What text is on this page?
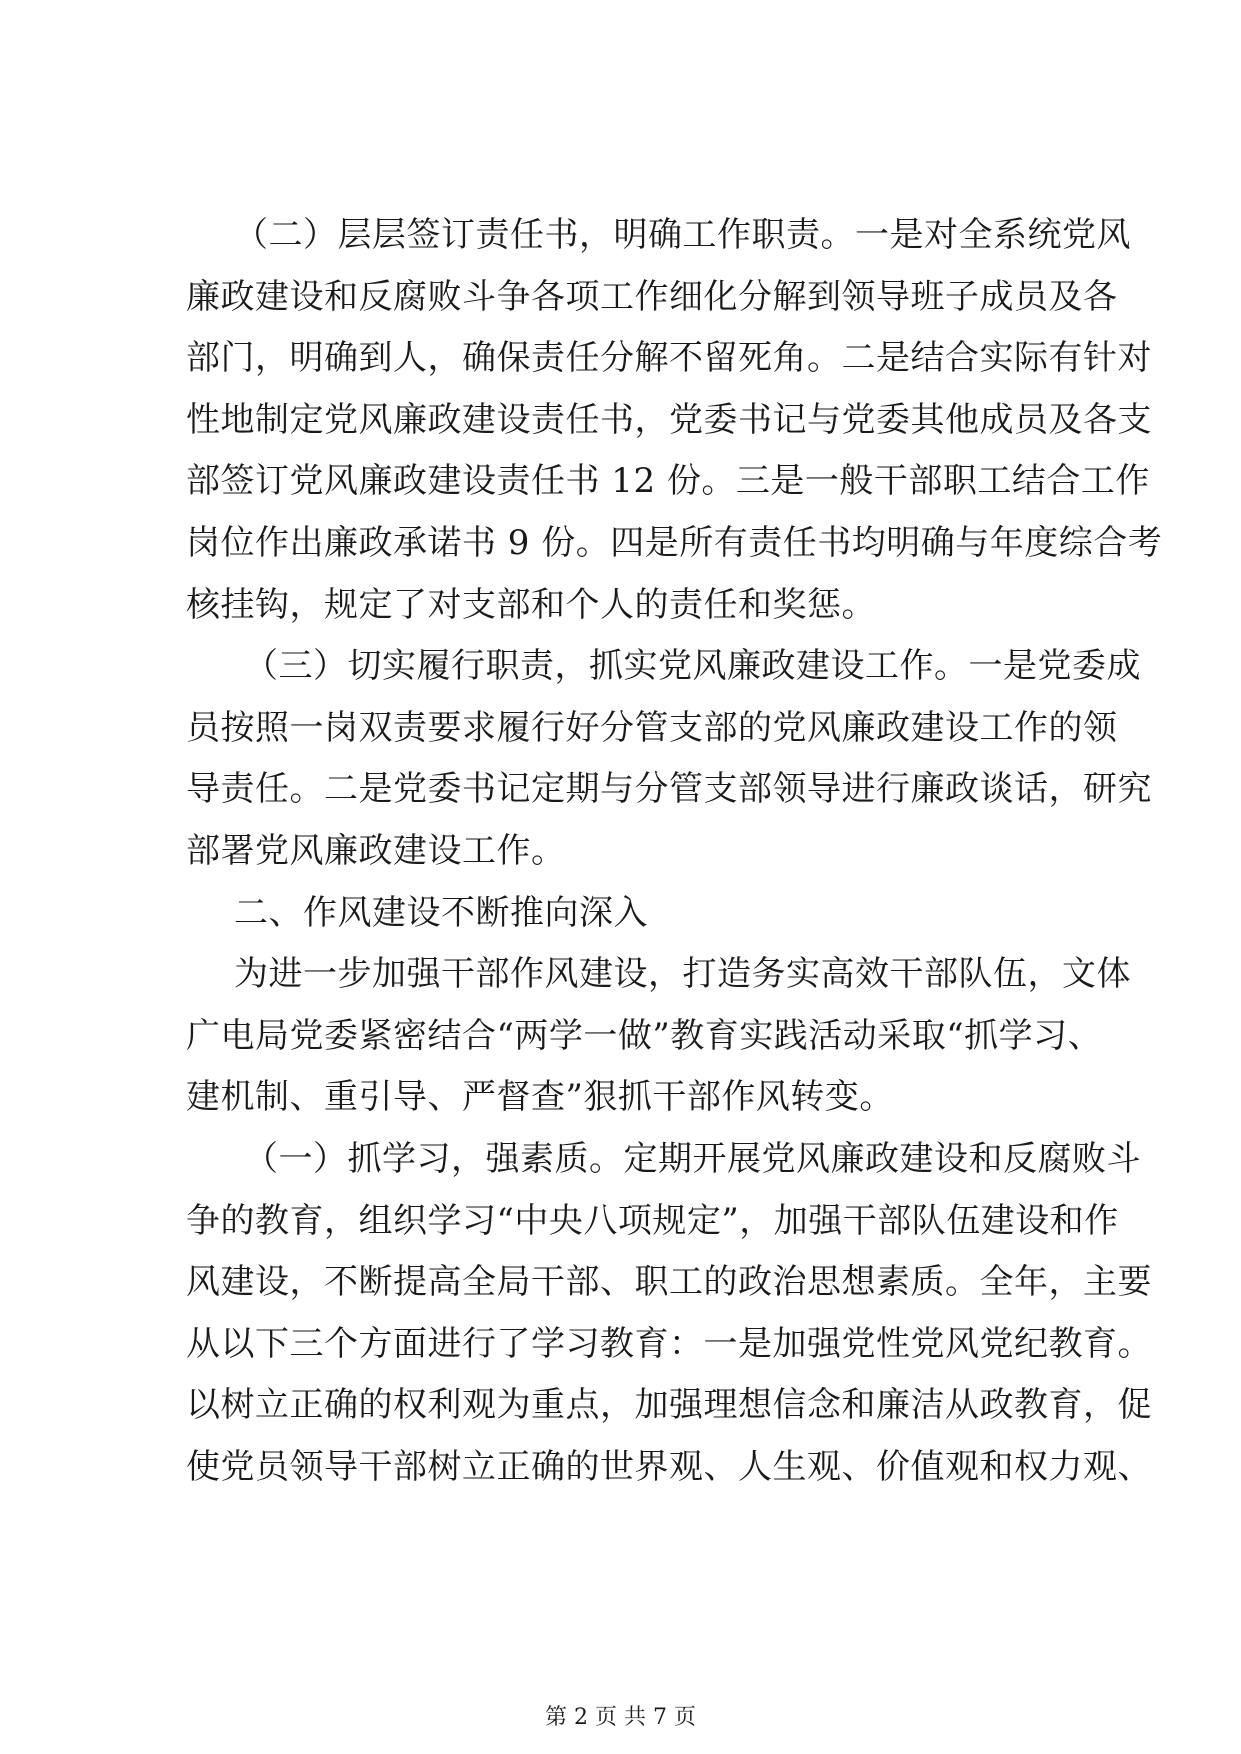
（二）层层签订责任书，明确工作职责。一是对全系统党风
廉政建设和反腐败斗争各项工作细化分解到领导班子成员及各
部门，明确到人，确保责任分解不留死角。二是结合实际有针对
性地制定党风廉政建设责任书，党委书记与党委其他成员及各支
部签订党风廉政建设责任书 12 份。三是一般干部职工结合工作
岗位作出廉政承诺书 9 份。四是所有责任书均明确与年度综合考
核挂钩，规定了对支部和个人的责任和奖惩。
（三）切实履行职责，抓实党风廉政建设工作。一是党委成
员按照一岗双责要求履行好分管支部的党风廉政建设工作的领
导责任。二是党委书记定期与分管支部领导进行廉政谈话，研究
部署党风廉政建设工作。
二、作风建设不断推向深入
为进一步加强干部作风建设，打造务实高效干部队伍，文体
广电局党委紧密结合“两学一做”教育实践活动采取“抓学习、
建机制、重引导、严督查”狠抓干部作风转变。
（一）抓学习，强素质。定期开展党风廉政建设和反腐败斗
争的教育，组织学习“中央八项规定”，加强干部队伍建设和作
风建设，不断提高全局干部、职工的政治思想素质。全年，主要
从以下三个方面进行了学习教育：一是加强党性党风党纪教育。
以树立正确的权利观为重点，加强理想信念和廉洁从政教育，促
使党员领导干部树立正确的世界观、人生观、价值观和权力观、
第 2 页 共 7 页
